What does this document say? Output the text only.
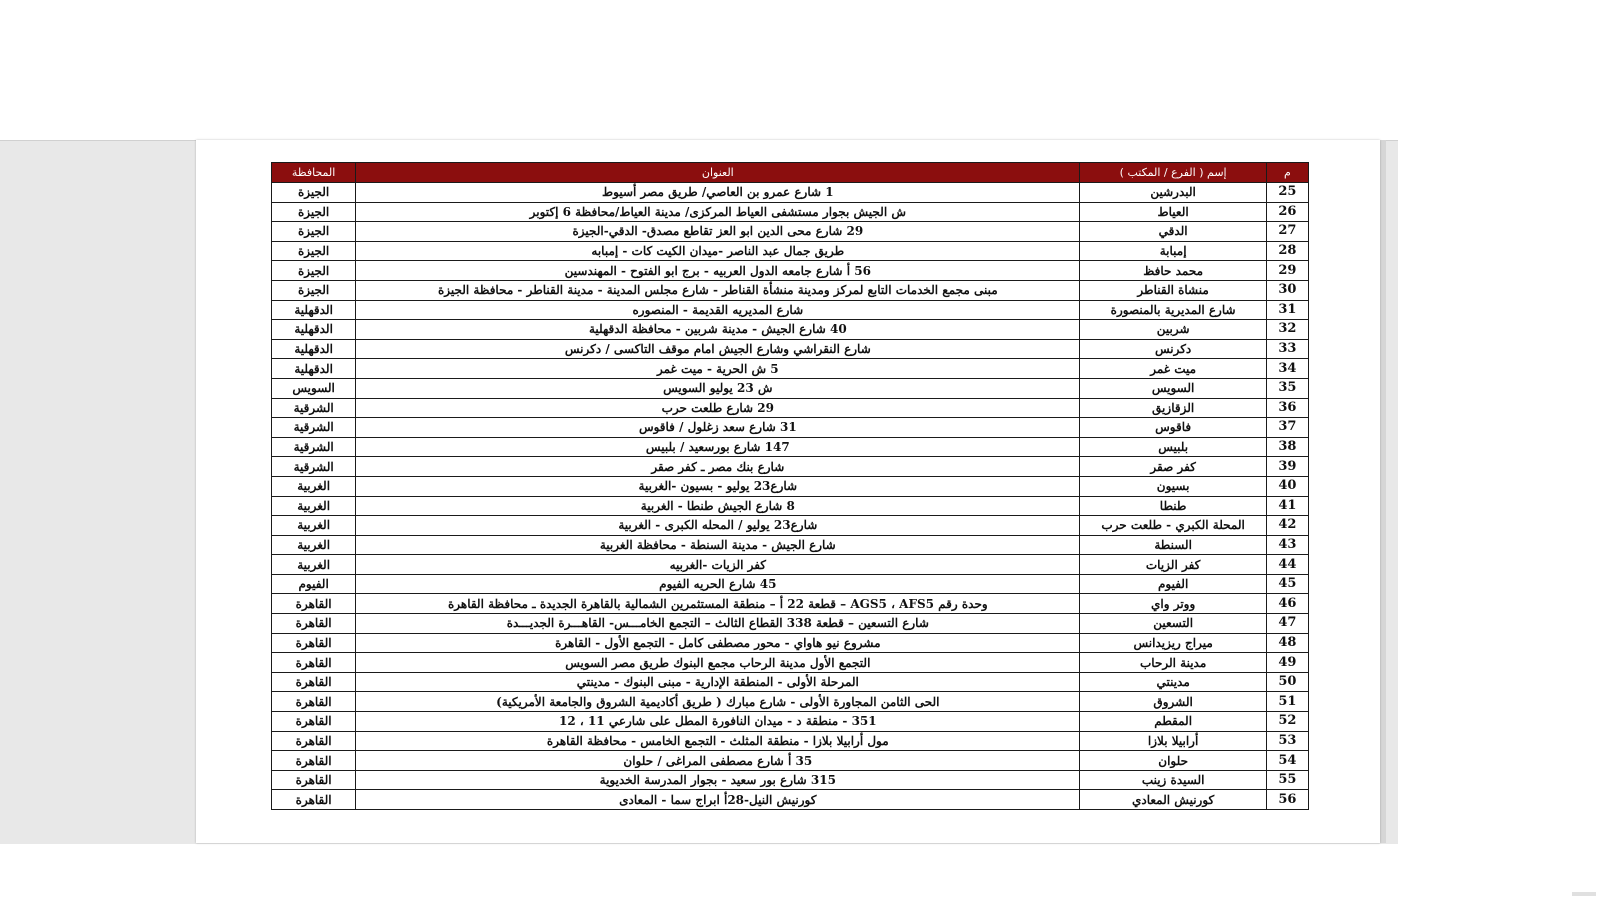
م	إسم ( الفرع / المكتب )	العنوان	المحافظة
25	البدرشين	1 شارع عمرو بن العاصي/ طريق مصر أسيوط	الجيزة
26	العياط	ش الجيش بجوار مستشفى العياط المركزى/ مدينة العياط/محافظة 6 إكتوبر	الجيزة
27	الدقي	29 شارع محى الدين ابو العز تقاطع مصدق- الدقي-الجيزة	الجيزة
28	إمبابة	طريق جمال عبد الناصر -ميدان الكيت كات - إمبابه	الجيزة
29	محمد حافظ	56 أ شارع جامعه الدول العربيه - برج ابو الفتوح - المهندسين	الجيزة
30	منشاة القناطر	مبنى مجمع الخدمات التابع لمركز ومدينة منشأة القناطر - شارع مجلس المدينة - مدينة القناطر - محافظة الجيزة	الجيزة
31	شارع المديرية بالمنصورة	شارع المديريه القديمة - المنصوره	الدقهلية
32	شربين	40 شارع الجيش - مدينة شربين - محافظة الدقهلية	الدقهلية
33	دكرنس	شارع النقراشي وشارع الجيش امام موقف التاكسى / دكرنس	الدقهلية
34	ميت غمر	5 ش الحرية - ميت غمر	الدقهلية
35	السويس	ش 23 يوليو السويس	السويس
36	الزقازيق	29 شارع طلعت حرب	الشرقية
37	فاقوس	31 شارع سعد زغلول / فاقوس	الشرقية
38	بلبيس	147 شارع بورسعيد / بلبيس	الشرقية
39	كفر صقر	شارع بنك مصر ـ كفر صقر	الشرقية
40	بسيون	شارع23 يوليو - بسيون -الغربية	الغربية
41	طنطا	8 شارع الجيش طنطا - الغربية	الغربية
42	المحلة الكبري - طلعت حرب	شارع23 يوليو / المحله الكبرى - الغربية	الغربية
43	السنطة	شارع الجيش - مدينة السنطة - محافظة الغربية	الغربية
44	كفر الزيات	كفر الزيات -الغربيه	الغربية
45	الفيوم	45 شارع الحريه الفيوم	الفيوم
46	ووتر واي	وحدة رقم AGS5 ، AFS5 – قطعة 22 أ – منطقة المستثمرين الشمالية بالقاهرة الجديدة ـ محافظة القاهرة	القاهرة
47	التسعين	شارع التسعين – قطعة 338 القطاع الثالث – التجمع الخامـــس- القاهـــرة الجديـــدة	القاهرة
48	ميراج ريزيدانس	مشروع نيو هاواي - محور مصطفى كامل - التجمع الأول - القاهرة	القاهرة
49	مدينة الرحاب	التجمع الأول مدينة الرحاب مجمع البنوك طريق مصر السويس	القاهرة
50	مدينتي	المرحلة الأولى - المنطقة الإدارية - مبنى البنوك - مدينتي	القاهرة
51	الشروق	الحى الثامن المجاورة الأولى - شارع مبارك ( طريق أكاديمية الشروق والجامعة الأمريكية)	القاهرة
52	المقطم	351 - منطقة د - ميدان النافورة المطل على شارعي 11 ، 12	القاهرة
53	أرابيلا بلازا	مول أرابيلا بلازا - منطقة المثلث - التجمع الخامس - محافظة القاهرة	القاهرة
54	حلوان	35 أ شارع مصطفى المراغى / حلوان	القاهرة
55	السيدة زينب	315 شارع بور سعيد - بجوار المدرسة الخديوية	القاهرة
56	كورنيش المعادي	كورنيش النيل-28أ ابراج سما - المعادى	القاهرة
